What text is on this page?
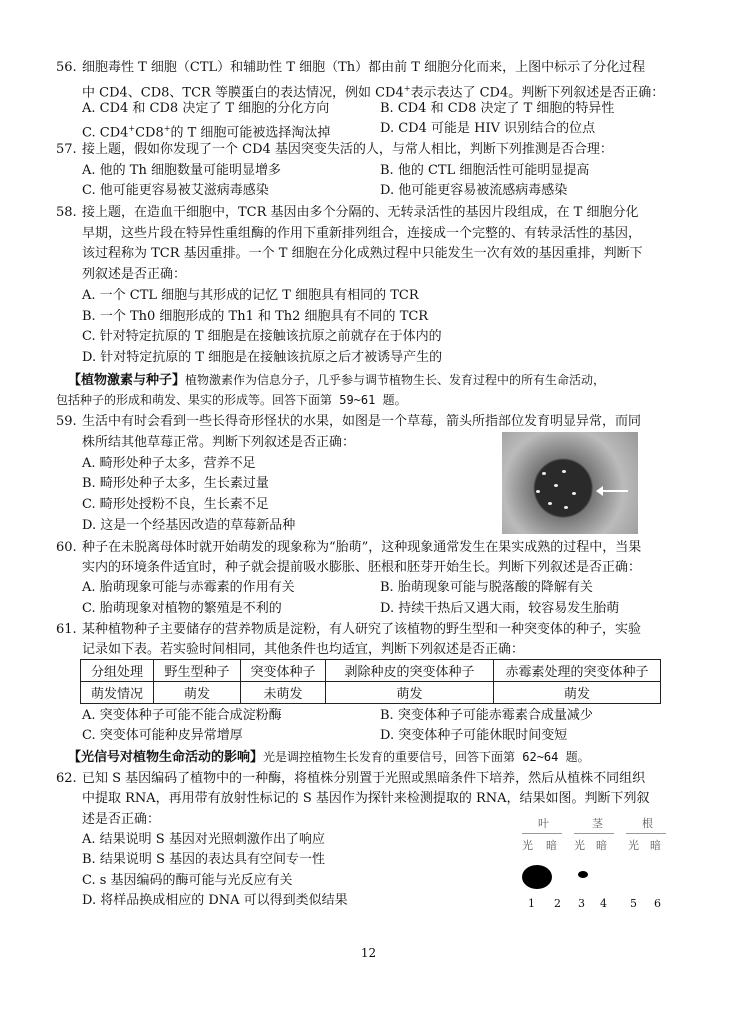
56. 细胞毒性 T 细胞（CTL）和辅助性 T 细胞（Th）都由前 T 细胞分化而来，上图中标示了分化过程
中 CD4、CD8、TCR 等膜蛋白的表达情况，例如 CD4+表示表达了 CD4。判断下列叙述是否正确：
A. CD4 和 CD8 决定了 T 细胞的分化方向	B. CD4 和 CD8 决定了 T 细胞的特异性
C. CD4+CD8+的 T 细胞可能被选择淘汰掉	D. CD4 可能是 HIV 识别结合的位点
57. 接上题，假如你发现了一个 CD4 基因突变失活的人，与常人相比，判断下列推测是否合理：
A. 他的 Th 细胞数量可能明显增多	B. 他的 CTL 细胞活性可能明显提高
C. 他可能更容易被艾滋病毒感染	D. 他可能更容易被流感病毒感染
58. 接上题，在造血干细胞中，TCR 基因由多个分隔的、无转录活性的基因片段组成，在 T 细胞分化
早期，这些片段在特异性重组酶的作用下重新排列组合，连接成一个完整的、有转录活性的基因，
该过程称为 TCR 基因重排。一个 T 细胞在分化成熟过程中只能发生一次有效的基因重排，判断下
列叙述是否正确：
A. 一个 CTL 细胞与其形成的记忆 T 细胞具有相同的 TCR
B. 一个 Th0 细胞形成的 Th1 和 Th2 细胞具有不同的 TCR
C. 针对特定抗原的 T 细胞是在接触该抗原之前就存在于体内的
D. 针对特定抗原的 T 细胞是在接触该抗原之后才被诱导产生的
【植物激素与种子】植物激素作为信息分子，几乎参与调节植物生长、发育过程中的所有生命活动，
包括种子的形成和萌发、果实的形成等。回答下面第 59~61 题。
59. 生活中有时会看到一些长得奇形怪状的水果，如图是一个草莓，箭头所指部位发育明显异常，而同
株所结其他草莓正常。判断下列叙述是否正确：
A. 畸形处种子太多，营养不足
B. 畸形处种子太多，生长素过量
C. 畸形处授粉不良，生长素不足
D. 这是一个经基因改造的草莓新品种
60. 种子在未脱离母体时就开始萌发的现象称为“胎萌”，这种现象通常发生在果实成熟的过程中，当果
实内的环境条件适宜时，种子就会提前吸水膨胀、胚根和胚芽开始生长。判断下列叙述是否正确：
A. 胎萌现象可能与赤霉素的作用有关	B. 胎萌现象可能与脱落酸的降解有关
C. 胎萌现象对植物的繁殖是不利的	D. 持续干热后又遇大雨，较容易发生胎萌
61. 某种植物种子主要储存的营养物质是淀粉，有人研究了该植物的野生型和一种突变体的种子，实验
记录如下表。若实验时间相同，其他条件也均适宜，判断下列叙述是否正确：
分组处理	野生型种子	突变体种子	剥除种皮的突变体种子	赤霉素处理的突变体种子
萌发情况	萌发	未萌发	萌发	萌发
A. 突变体种子可能不能合成淀粉酶	B. 突变体种子可能赤霉素合成量减少
C. 突变体可能种皮异常增厚	D. 突变体种子可能休眠时间变短
【光信号对植物生命活动的影响】光是调控植物生长发育的重要信号，回答下面第 62~64 题。
62. 已知 S 基因编码了植物中的一种酶，将植株分别置于光照或黑暗条件下培养，然后从植株不同组织
中提取 RNA，再用带有放射性标记的 S 基因作为探针来检测提取的 RNA，结果如图。判断下列叙
述是否正确：
A. 结果说明 S 基因对光照刺激作出了响应
B. 结果说明 S 基因的表达具有空间专一性
C. s 基因编码的酶可能与光反应有关
D. 将样品换成相应的 DNA 可以得到类似结果
叶	茎	根
光 暗 光 暗 光 暗
1 2 3 4 5 6
12
